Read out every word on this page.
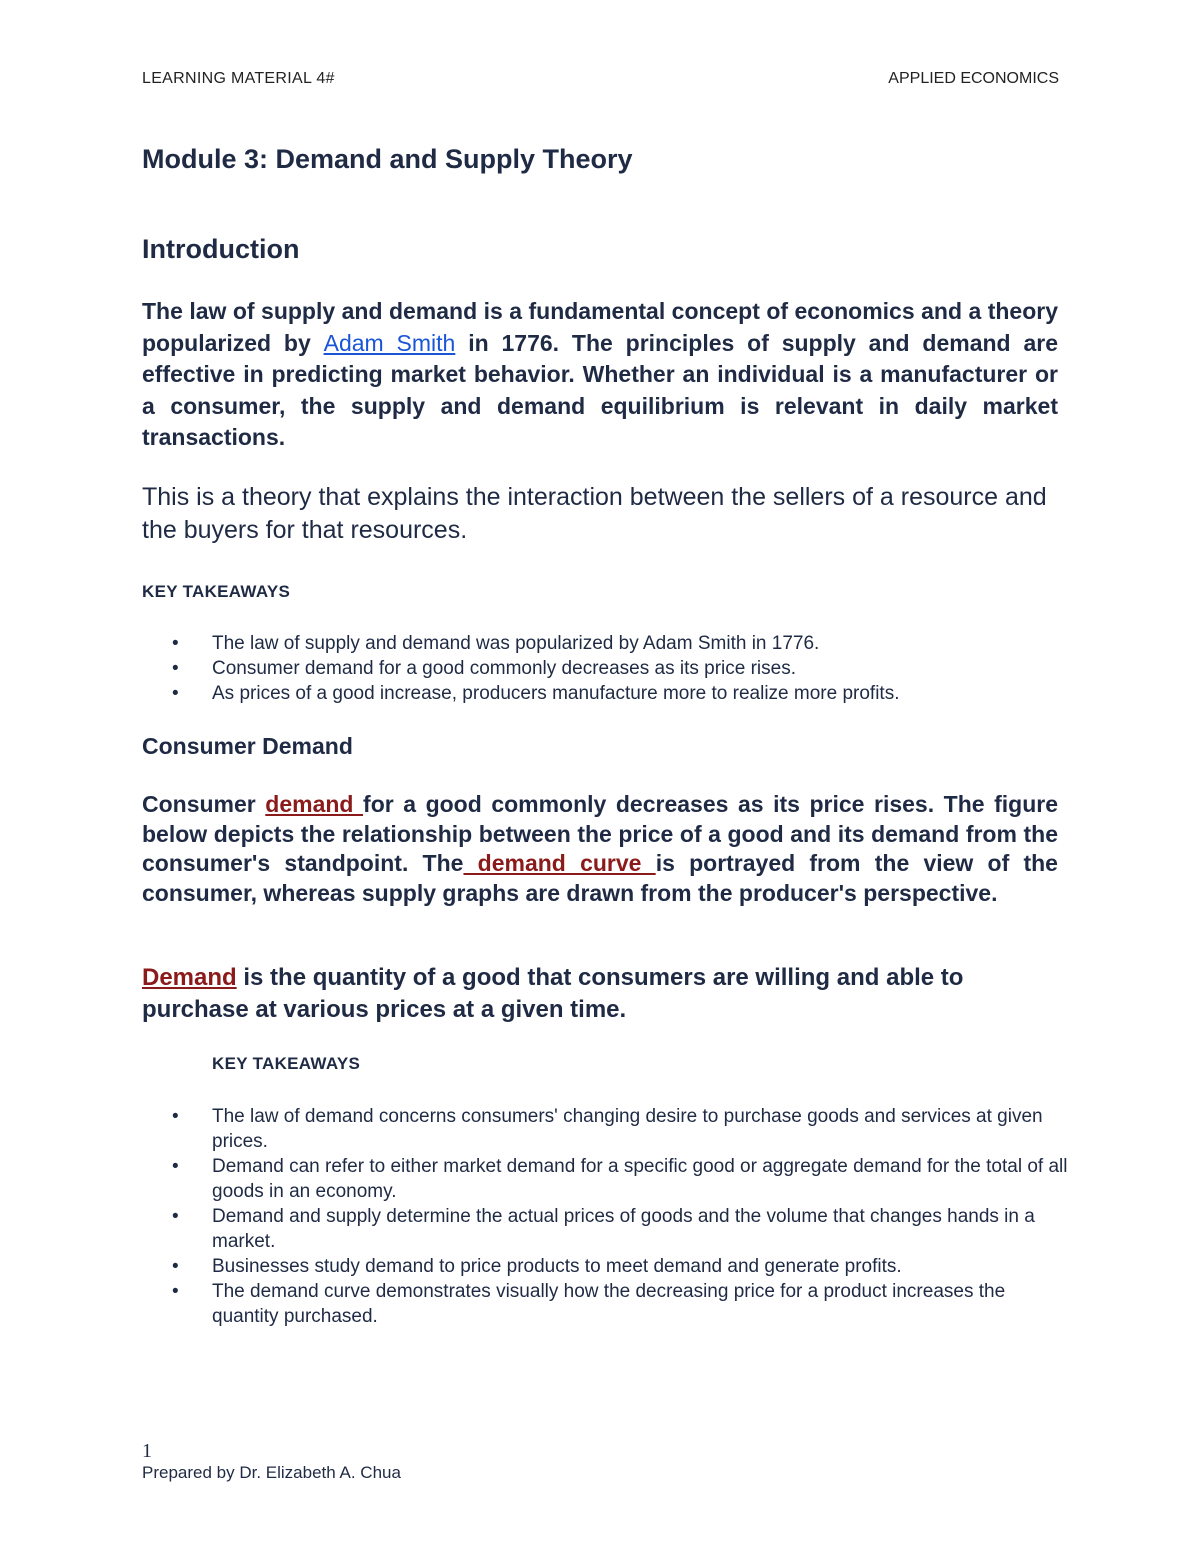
LEARNING MATERIAL 4#	APPLIED ECONOMICS
Module 3: Demand and Supply Theory
Introduction

The law of supply and demand is a fundamental concept of economics and a theory popularized by Adam Smith in 1776. The principles of supply and demand are effective in predicting market behavior. Whether an individual is a manufacturer or a consumer, the supply and demand equilibrium is relevant in daily market transactions.

This is a theory that explains the interaction between the sellers of a resource and the buyers for that resources.

KEY TAKEAWAYS
• The law of supply and demand was popularized by Adam Smith in 1776.
• Consumer demand for a good commonly decreases as its price rises.
• As prices of a good increase, producers manufacture more to realize more profits.
Consumer Demand

Consumer demand for a good commonly decreases as its price rises. The figure below depicts the relationship between the price of a good and its demand from the consumer's standpoint. The demand curve is portrayed from the view of the consumer, whereas supply graphs are drawn from the producer's perspective.

Demand is the quantity of a good that consumers are willing and able to purchase at various prices at a given time.

KEY TAKEAWAYS
• The law of demand concerns consumers' changing desire to purchase goods and services at given prices.
• Demand can refer to either market demand for a specific good or aggregate demand for the total of all goods in an economy.
• Demand and supply determine the actual prices of goods and the volume that changes hands in a market.
• Businesses study demand to price products to meet demand and generate profits.
• The demand curve demonstrates visually how the decreasing price for a product increases the quantity purchased.
1
Prepared by Dr. Elizabeth A. Chua
